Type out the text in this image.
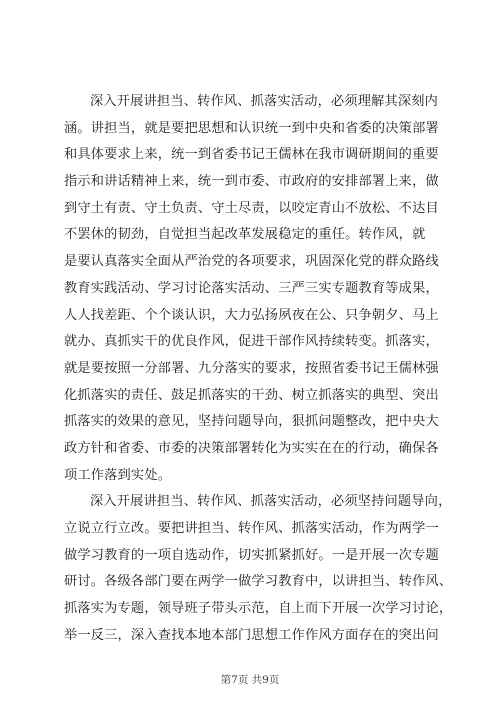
深入开展讲担当、转作风、抓落实活动，必须理解其深刻内
涵。讲担当，就是要把思想和认识统一到中央和省委的决策部署
和具体要求上来，统一到省委书记王儒林在我市调研期间的重要
指示和讲话精神上来，统一到市委、市政府的安排部署上来，做
到守土有责、守土负责、守土尽责，以咬定青山不放松、不达目
不罢休的韧劲，自觉担当起改革发展稳定的重任。转作风，就
是要认真落实全面从严治党的各项要求，巩固深化党的群众路线
教育实践活动、学习讨论落实活动、三严三实专题教育等成果，
人人找差距、个个谈认识，大力弘扬夙夜在公、只争朝夕、马上
就办、真抓实干的优良作风，促进干部作风持续转变。抓落实，
就是要按照一分部署、九分落实的要求，按照省委书记王儒林强
化抓落实的责任、鼓足抓落实的干劲、树立抓落实的典型、突出
抓落实的效果的意见，坚持问题导向，狠抓问题整改，把中央大
政方针和省委、市委的决策部署转化为实实在在的行动，确保各
项工作落到实处。
深入开展讲担当、转作风、抓落实活动，必须坚持问题导向，
立说立行立改。要把讲担当、转作风、抓落实活动，作为两学一
做学习教育的一项自选动作，切实抓紧抓好。一是开展一次专题
研讨。各级各部门要在两学一做学习教育中，以讲担当、转作风、
抓落实为专题，领导班子带头示范，自上而下开展一次学习讨论，
举一反三，深入查找本地本部门思想工作作风方面存在的突出问
第7页 共9页
